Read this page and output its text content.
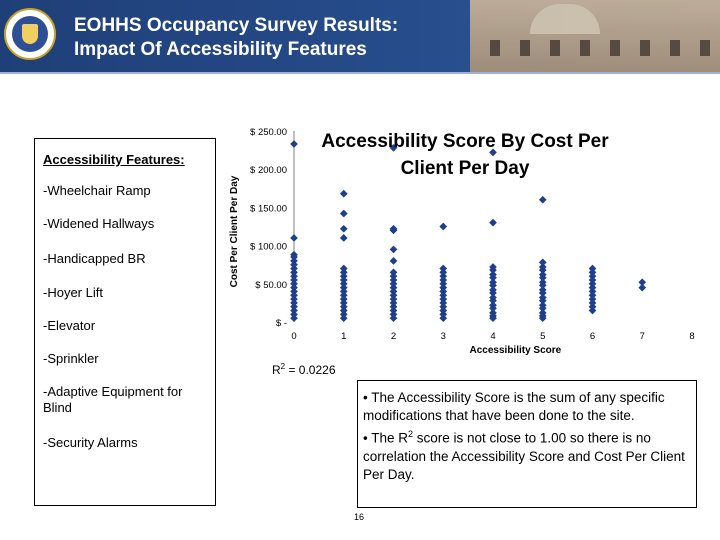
EOHHS Occupancy Survey Results:
Impact Of Accessibility Features
Accessibility Features:
-Wheelchair Ramp
-Widened Hallways
-Handicapped BR
-Hoyer Lift
-Elevator
-Sprinkler
-Adaptive Equipment for Blind
-Security Alarms
$ -
$ 50.00
$ 100.00
$ 150.00
$ 200.00
$ 250.00
0	1	2	3	4	5	6	7	8
Accessibility Score
Cost Per Client Per Day
Accessibility Score By Cost Per Client Per Day
$R^2 = 0.0226$

• The Accessibility Score is the sum of any specific modifications that have been done to the site.

• The $R^2$ score is not close to 1.00 so there is no correlation the Accessibility Score and Cost Per Client Per Day.

16
